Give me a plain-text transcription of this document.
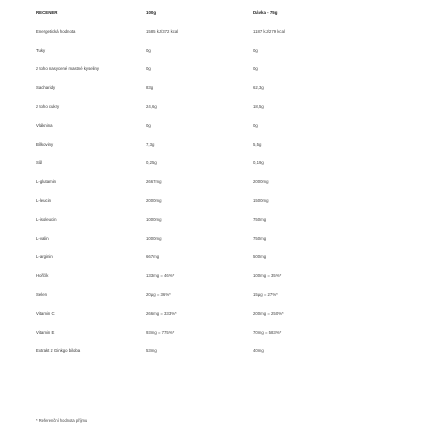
RECENER	100g	Dávka - 75g
Energetická hodnota	1585 kJ/372 kcal	1187 kJ/279 kcal
Tuky	0g	0g
z toho nasycené mastné kyseliny	0g	0g
Sacharidy	83g	62,3g
z toho cukry	24,6g	18,5g
Vláknina	0g	0g
Bílkoviny	7,3g	5,5g
Sůl	0,25g	0,19g
L-glutamin	2667mg	2000mg
L-leucin	2000mg	1500mg
L-isoleucin	1000mg	750mg
L-valin	1000mg	750mg
L-arginin	667mg	500mg
Hořčík	133mg = 46%*	100mg = 35%*
Selen	20μg = 36%*	15μg = 27%*
Vitamin C	266mg = 333%*	200mg = 250%*
Vitamin E	93mg = 775%*	70mg = 583%*
Extrakt z Ginkgo biloba	53mg	40mg
* Referenční hodnota příjmu
